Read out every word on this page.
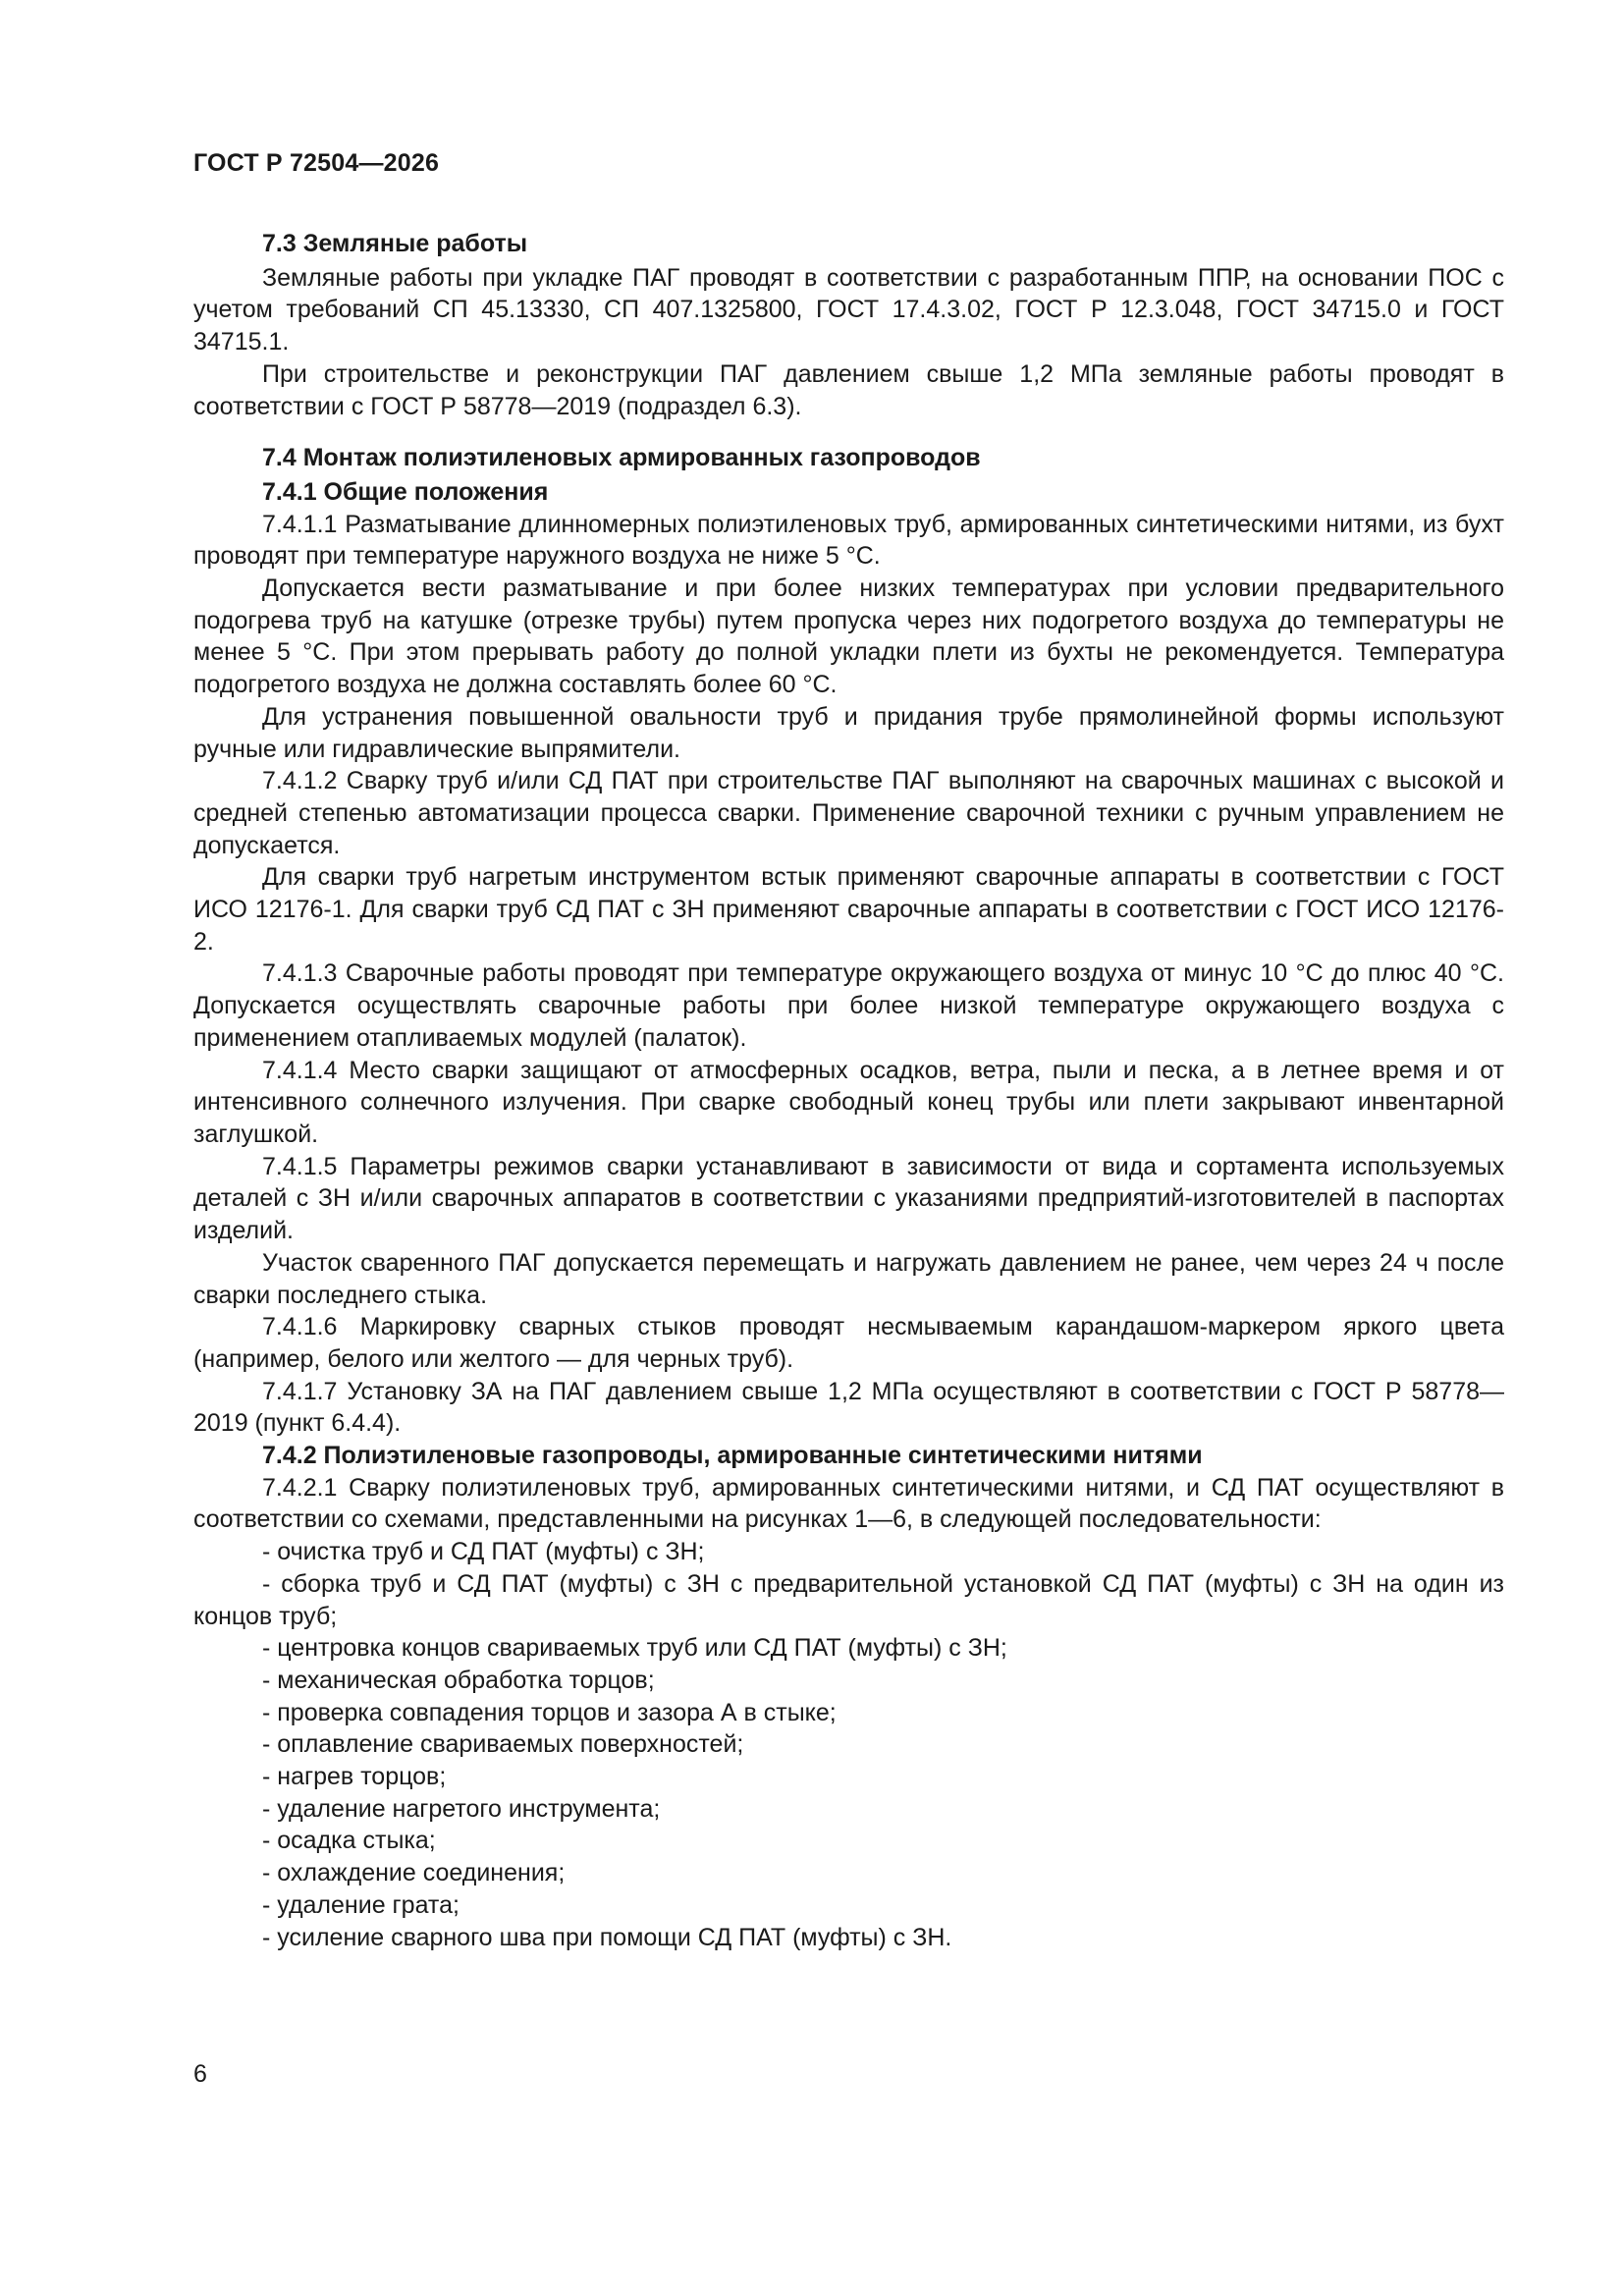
ГОСТ Р 72504—2026

7.3 Земляные работы

Земляные работы при укладке ПАГ проводят в соответствии с разработанным ППР, на основании ПОС с учетом требований СП 45.13330, СП 407.1325800, ГОСТ 17.4.3.02, ГОСТ Р 12.3.048, ГОСТ 34715.0 и ГОСТ 34715.1.

При строительстве и реконструкции ПАГ давлением свыше 1,2 МПа земляные работы проводят в соответствии с ГОСТ Р 58778—2019 (подраздел 6.3).

7.4 Монтаж полиэтиленовых армированных газопроводов

7.4.1 Общие положения

7.4.1.1 Разматывание длинномерных полиэтиленовых труб, армированных синтетическими нитями, из бухт проводят при температуре наружного воздуха не ниже 5 °С.

Допускается вести разматывание и при более низких температурах при условии предварительного подогрева труб на катушке (отрезке трубы) путем пропуска через них подогретого воздуха до температуры не менее 5 °С. При этом прерывать работу до полной укладки плети из бухты не рекомендуется. Температура подогретого воздуха не должна составлять более 60 °С.

Для устранения повышенной овальности труб и придания трубе прямолинейной формы используют ручные или гидравлические выпрямители.

7.4.1.2 Сварку труб и/или СД ПАТ при строительстве ПАГ выполняют на сварочных машинах с высокой и средней степенью автоматизации процесса сварки. Применение сварочной техники с ручным управлением не допускается.

Для сварки труб нагретым инструментом встык применяют сварочные аппараты в соответствии с ГОСТ ИСО 12176-1. Для сварки труб СД ПАТ с ЗН применяют сварочные аппараты в соответствии с ГОСТ ИСО 12176-2.

7.4.1.3 Сварочные работы проводят при температуре окружающего воздуха от минус 10 °С до плюс 40 °С. Допускается осуществлять сварочные работы при более низкой температуре окружающего воздуха с применением отапливаемых модулей (палаток).

7.4.1.4 Место сварки защищают от атмосферных осадков, ветра, пыли и песка, а в летнее время и от интенсивного солнечного излучения. При сварке свободный конец трубы или плети закрывают инвентарной заглушкой.

7.4.1.5 Параметры режимов сварки устанавливают в зависимости от вида и сортамента используемых деталей с ЗН и/или сварочных аппаратов в соответствии с указаниями предприятий-изготовителей в паспортах изделий.

Участок сваренного ПАГ допускается перемещать и нагружать давлением не ранее, чем через 24 ч после сварки последнего стыка.

7.4.1.6 Маркировку сварных стыков проводят несмываемым карандашом-маркером яркого цвета (например, белого или желтого — для черных труб).

7.4.1.7 Установку ЗА на ПАГ давлением свыше 1,2 МПа осуществляют в соответствии с ГОСТ Р 58778—2019 (пункт 6.4.4).

7.4.2 Полиэтиленовые газопроводы, армированные синтетическими нитями

7.4.2.1 Сварку полиэтиленовых труб, армированных синтетическими нитями, и СД ПАТ осуществляют в соответствии со схемами, представленными на рисунках 1—6, в следующей последовательности:

- очистка труб и СД ПАТ (муфты) с ЗН;

- сборка труб и СД ПАТ (муфты) с ЗН с предварительной установкой СД ПАТ (муфты) с ЗН на один из концов труб;

- центровка концов свариваемых труб или СД ПАТ (муфты) с ЗН;

- механическая обработка торцов;

- проверка совпадения торцов и зазора А в стыке;

- оплавление свариваемых поверхностей;

- нагрев торцов;

- удаление нагретого инструмента;

- осадка стыка;

- охлаждение соединения;

- удаление грата;

- усиление сварного шва при помощи СД ПАТ (муфты) с ЗН.

6
